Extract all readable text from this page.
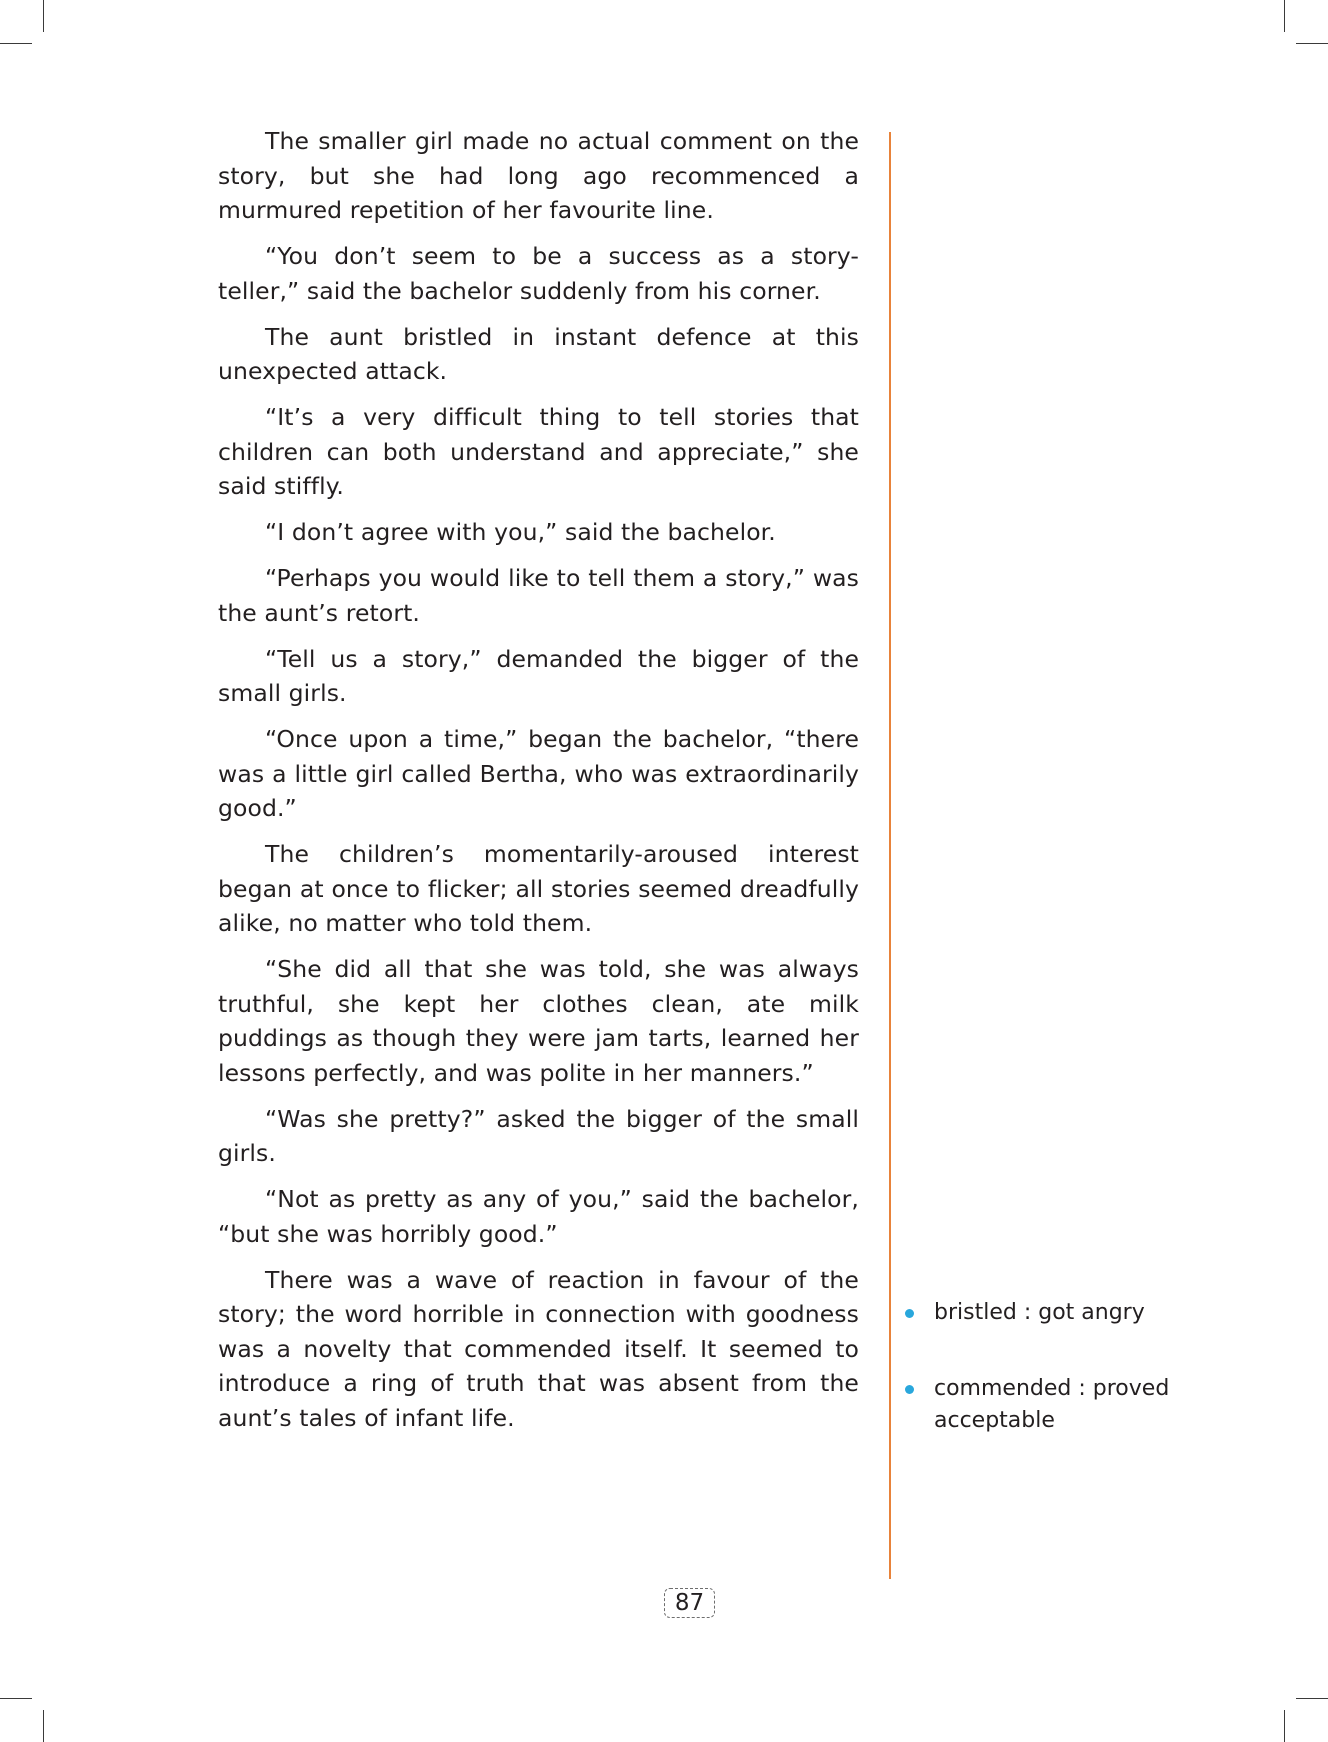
The smaller girl made no actual comment on the story, but she had long ago recommenced a murmured repetition of her favourite line.

“You don’t seem to be a success as a story-teller,” said the bachelor suddenly from his corner.

The aunt bristled in instant defence at this unexpected attack.

“It’s a very difficult thing to tell stories that children can both understand and appreciate,” she said stiffly.

“I don’t agree with you,” said the bachelor.

“Perhaps you would like to tell them a story,” was the aunt’s retort.

“Tell us a story,” demanded the bigger of the small girls.

“Once upon a time,” began the bachelor, “there was a little girl called Bertha, who was extraordinarily good.”

The children’s momentarily-aroused interest began at once to flicker; all stories seemed dreadfully alike, no matter who told them.

“She did all that she was told, she was always truthful, she kept her clothes clean, ate milk puddings as though they were jam tarts, learned her lessons perfectly, and was polite in her manners.”

“Was she pretty?” asked the bigger of the small girls.

“Not as pretty as any of you,” said the bachelor, “but she was horribly good.”

There was a wave of reaction in favour of the story; the word horrible in connection with goodness was a novelty that commended itself. It seemed to introduce a ring of truth that was absent from the aunt’s tales of infant life.

bristled : got angry
commended : proved acceptable
87
